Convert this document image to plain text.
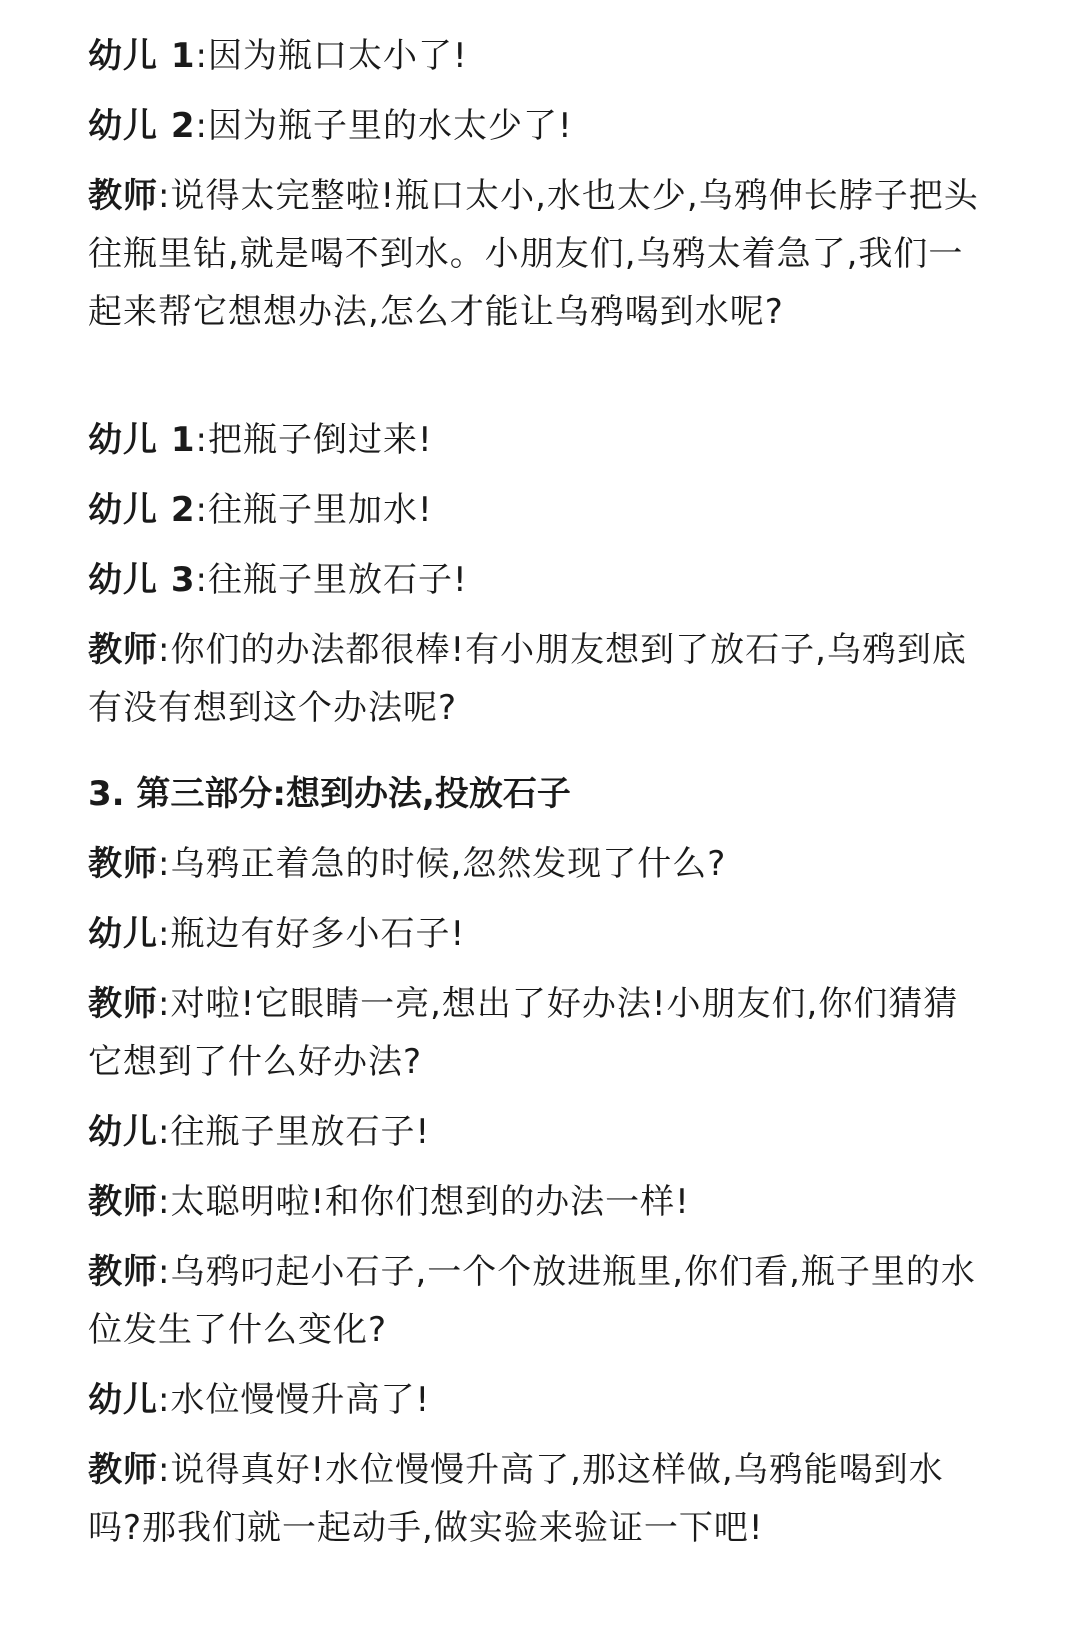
幼儿 1:因为瓶口太小了!

幼儿 2:因为瓶子里的水太少了!

教师:说得太完整啦!瓶口太小,水也太少,乌鸦伸长脖子把头往瓶里钻,就是喝不到水。小朋友们,乌鸦太着急了,我们一起来帮它想想办法,怎么才能让乌鸦喝到水呢?

幼儿 1:把瓶子倒过来!

幼儿 2:往瓶子里加水!

幼儿 3:往瓶子里放石子!

教师:你们的办法都很棒!有小朋友想到了放石子,乌鸦到底有没有想到这个办法呢?

3. 第三部分:想到办法,投放石子

教师:乌鸦正着急的时候,忽然发现了什么?

幼儿:瓶边有好多小石子!

教师:对啦!它眼睛一亮,想出了好办法!小朋友们,你们猜猜它想到了什么好办法?

幼儿:往瓶子里放石子!

教师:太聪明啦!和你们想到的办法一样!

教师:乌鸦叼起小石子,一个个放进瓶里,你们看,瓶子里的水位发生了什么变化?

幼儿:水位慢慢升高了!

教师:说得真好!水位慢慢升高了,那这样做,乌鸦能喝到水吗?那我们就一起动手,做实验来验证一下吧!
